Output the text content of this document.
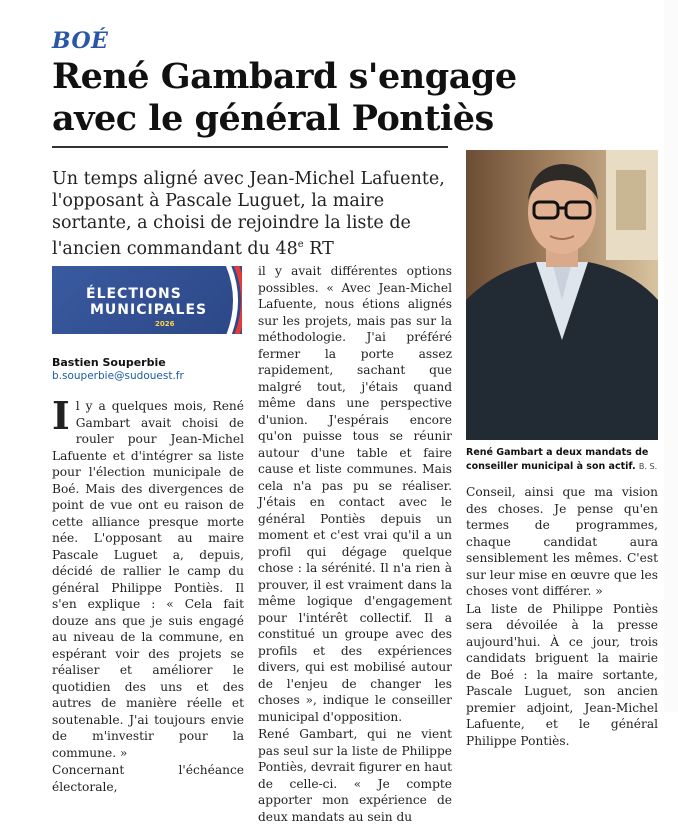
BOÉ
René Gambard s'engage avec le général Pontiès
Un temps aligné avec Jean-Michel Lafuente, l'opposant à Pascale Luguet, la maire sortante, a choisi de rejoindre la liste de l'ancien commandant du 48e RT
ÉLECTIONS
MUNICIPALES
2026
Bastien Souperbie
b.souperbie@sudouest.fr

Il y a quelques mois, René Gambart avait choisi de rouler pour Jean-Michel Lafuente et d'intégrer sa liste pour l'élection municipale de Boé. Mais des divergences de point de vue ont eu raison de cette alliance presque morte née. L'opposant au maire Pascale Luguet a, depuis, décidé de rallier le camp du général Philippe Pontiès. Il s'en explique : « Cela fait douze ans que je suis engagé au niveau de la commune, en espérant voir des projets se réaliser et améliorer le quotidien des uns et des autres de manière réelle et soutenable. J'ai toujours envie de m'investir pour la commune. »

Concernant l'échéance électorale,

il y avait différentes options possibles. « Avec Jean-Michel Lafuente, nous étions alignés sur les projets, mais pas sur la méthodologie. J'ai préféré fermer la porte assez rapidement, sachant que malgré tout, j'étais quand même dans une perspective d'union. J'espérais encore qu'on puisse tous se réunir autour d'une table et faire cause et liste communes. Mais cela n'a pas pu se réaliser. J'étais en contact avec le général Pontiès depuis un moment et c'est vrai qu'il a un profil qui dégage quelque chose : la sérénité. Il n'a rien à prouver, il est vraiment dans la même logique d'engagement pour l'intérêt collectif. Il a constitué un groupe avec des profils et des expériences divers, qui est mobilisé autour de l'enjeu de changer les choses », indique le conseiller municipal d'opposition.

René Gambart, qui ne vient pas seul sur la liste de Philippe Pontiès, devrait figurer en haut de celle-ci. « Je compte apporter mon expérience de deux mandats au sein du

René Gambart a deux mandats de conseiller municipal à son actif. B. S.

Conseil, ainsi que ma vision des choses. Je pense qu'en termes de programmes, chaque candidat aura sensiblement les mêmes. C'est sur leur mise en œuvre que les choses vont différer. »

La liste de Philippe Pontiès sera dévoilée à la presse aujourd'hui. À ce jour, trois candidats briguent la mairie de Boé : la maire sortante, Pascale Luguet, son ancien premier adjoint, Jean-Michel Lafuente, et le général Philippe Pontiès.
